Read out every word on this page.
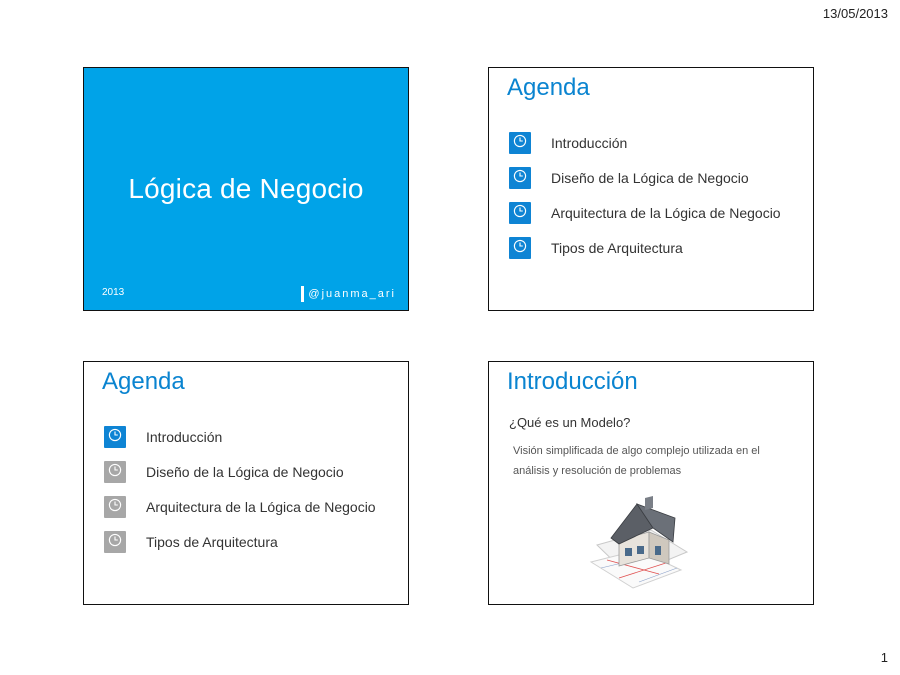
13/05/2013
Lógica de Negocio
2013	@juanma_ari
Agenda
Introducción
Diseño de la Lógica de Negocio
Arquitectura de la Lógica de Negocio
Tipos de Arquitectura
Agenda
Introducción
Diseño de la Lógica de Negocio
Arquitectura de la Lógica de Negocio
Tipos de Arquitectura
Introducción
¿Qué es un Modelo?
Visión simplificada de algo complejo utilizada en el análisis y resolución de problemas
1
